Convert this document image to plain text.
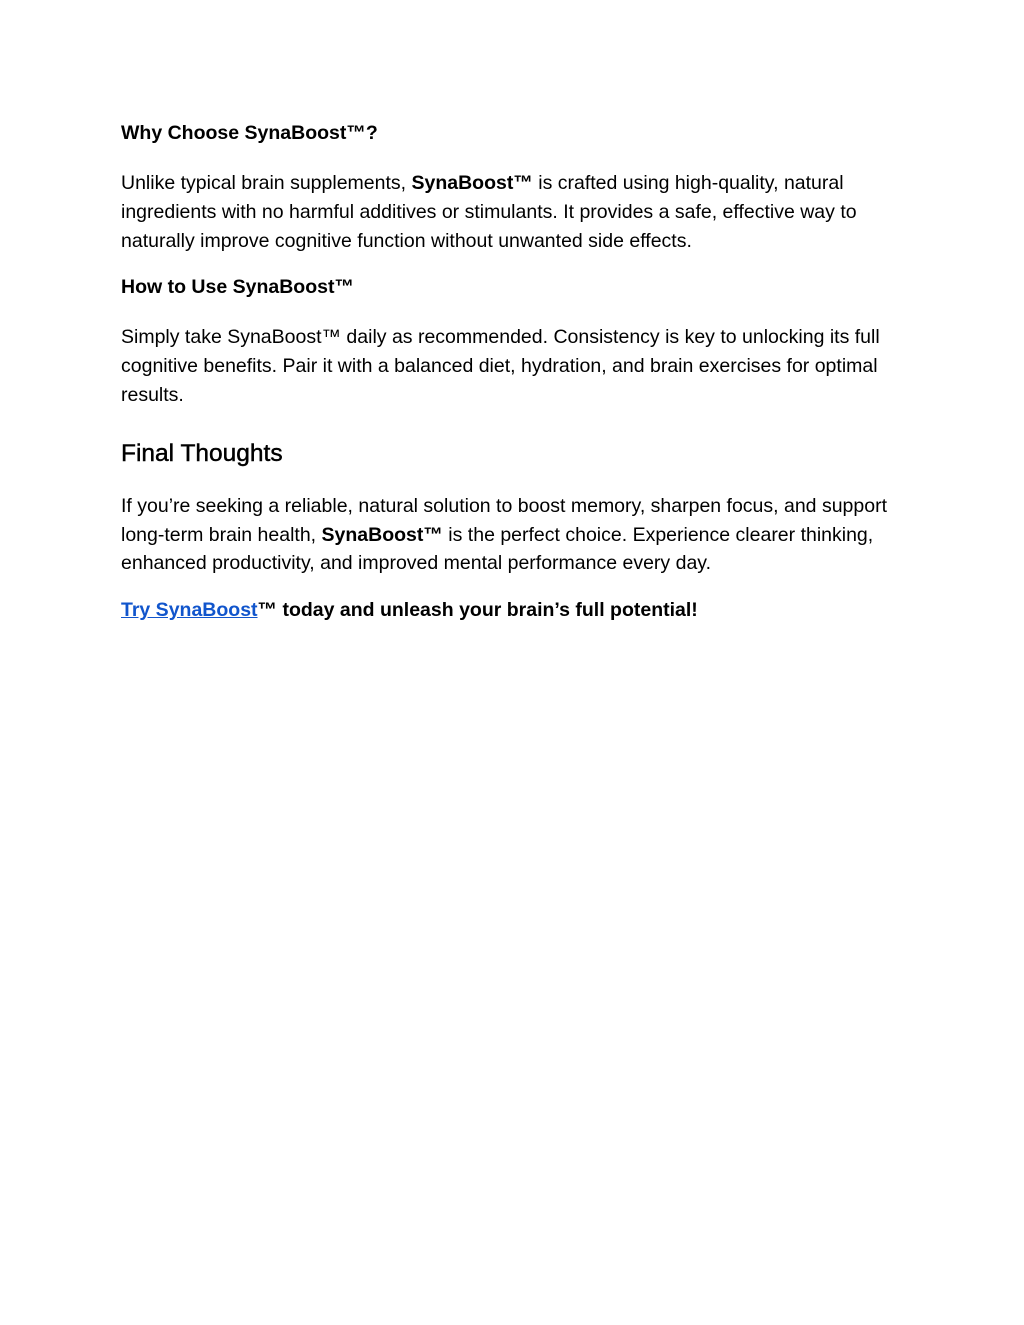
Why Choose SynaBoost™?

Unlike typical brain supplements, SynaBoost™ is crafted using high-quality, natural ingredients with no harmful additives or stimulants. It provides a safe, effective way to naturally improve cognitive function without unwanted side effects.

How to Use SynaBoost™

Simply take SynaBoost™ daily as recommended. Consistency is key to unlocking its full cognitive benefits. Pair it with a balanced diet, hydration, and brain exercises for optimal results.

Final Thoughts

If you’re seeking a reliable, natural solution to boost memory, sharpen focus, and support long-term brain health, SynaBoost™ is the perfect choice. Experience clearer thinking, enhanced productivity, and improved mental performance every day.

Try SynaBoost™ today and unleash your brain’s full potential!
